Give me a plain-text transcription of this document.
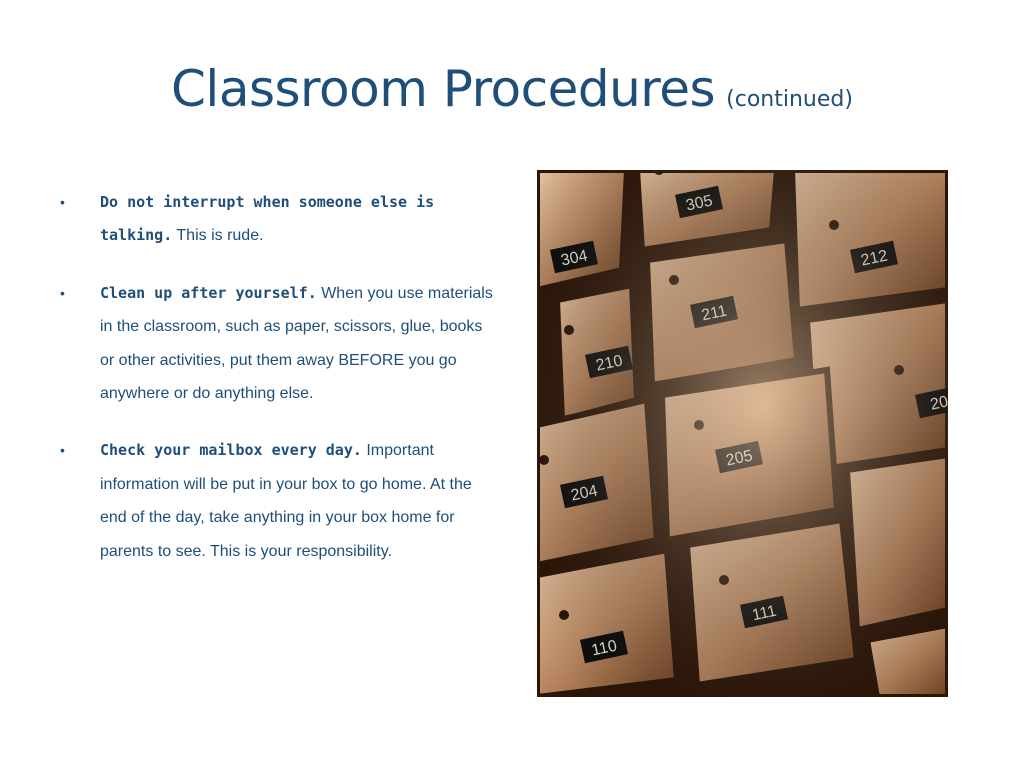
Classroom Procedures (continued)
• Do not interrupt when someone else is talking. This is rude.
• Clean up after yourself. When you use materials in the classroom, such as paper, scissors, glue, books or other activities, put them away BEFORE you go anywhere or do anything else.
• Check your mailbox every day. Important information will be put in your box to go home. At the end of the day, take anything in your box home for parents to see. This is your responsibility.
